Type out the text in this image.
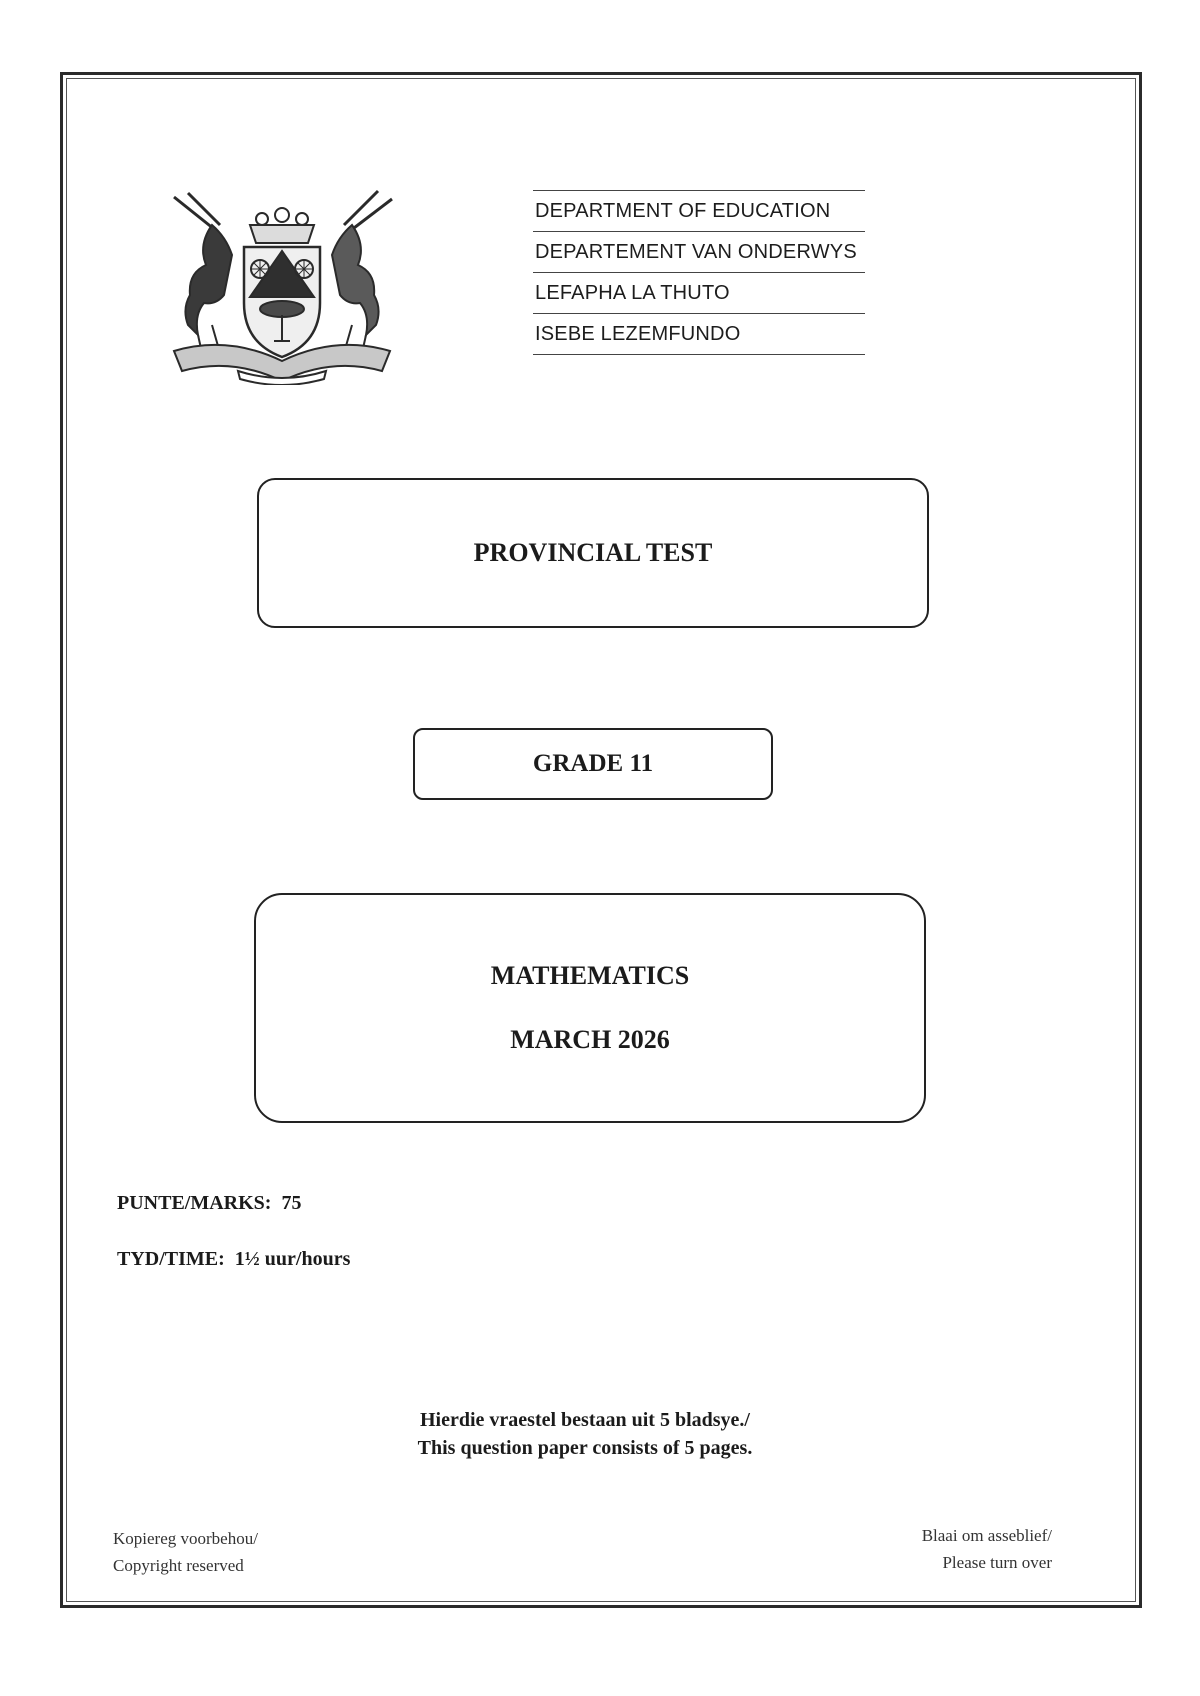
DEPARTMENT OF EDUCATION
DEPARTEMENT VAN ONDERWYS
LEFAPHA LA THUTO
ISEBE LEZEMFUNDO
PROVINCIAL TEST
GRADE 11
MATHEMATICS
MARCH 2026
PUNTE/MARKS: 75
TYD/TIME: 1½ uur/hours
Hierdie vraestel bestaan uit 5 bladsye./
This question paper consists of 5 pages.
Kopiereg voorbehou/
Copyright reserved
Blaai om asseblief/
Please turn over
